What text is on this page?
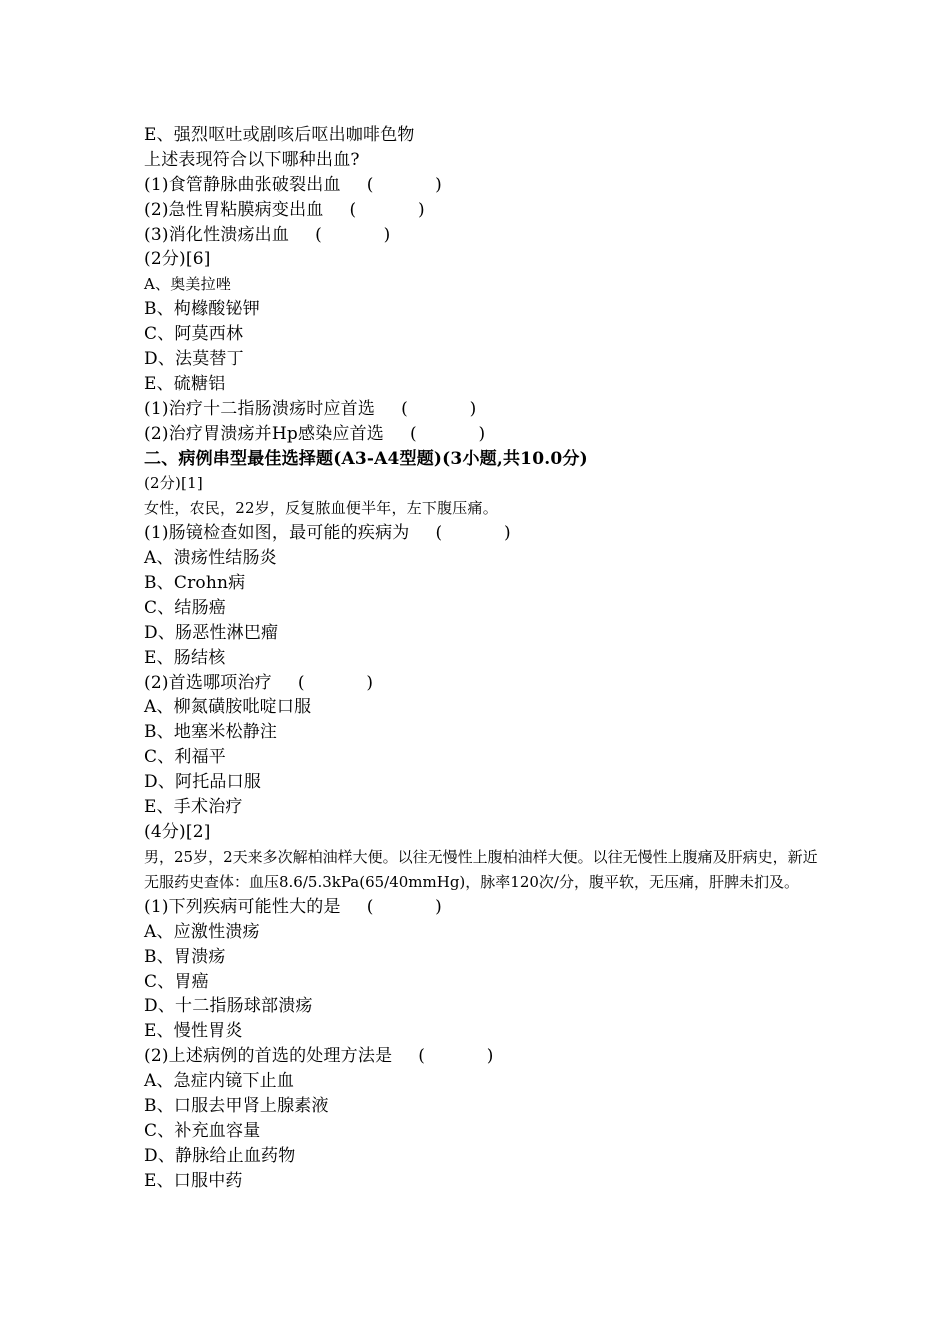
E、强烈呕吐或剧咳后呕出咖啡色物
上述表现符合以下哪种出血?
(1)食管静脉曲张破裂出血 (           )
(2)急性胃粘膜病变出血 (           )
(3)消化性溃疡出血 (           )
(2分)[6]
A、奥美拉唑
B、枸橼酸铋钾
C、阿莫西林
D、法莫替丁
E、硫糖铝
(1)治疗十二指肠溃疡时应首选 (           )
(2)治疗胃溃疡并Hp感染应首选 (           )
二、病例串型最佳选择题(A3-A4型题)(3小题,共10.0分)
(2分)[1]
女性，农民，22岁，反复脓血便半年，左下腹压痛。
(1)肠镜检查如图，最可能的疾病为 (           )
A、溃疡性结肠炎
B、Crohn病
C、结肠癌
D、肠恶性淋巴瘤
E、肠结核
(2)首选哪项治疗 (           )
A、柳氮磺胺吡啶口服
B、地塞米松静注
C、利福平
D、阿托品口服
E、手术治疗
(4分)[2]
男，25岁，2天来多次解柏油样大便。以往无慢性上腹柏油样大便。以往无慢性上腹痛及肝病史，新近无服药史查体：血压8.6/5.3kPa(65/40mmHg)，脉率120次/分，腹平软，无压痛，肝脾未扪及。
(1)下列疾病可能性大的是 (           )
A、应激性溃疡
B、胃溃疡
C、胃癌
D、十二指肠球部溃疡
E、慢性胃炎
(2)上述病例的首选的处理方法是 (           )
A、急症内镜下止血
B、口服去甲肾上腺素液
C、补充血容量
D、静脉给止血药物
E、口服中药
